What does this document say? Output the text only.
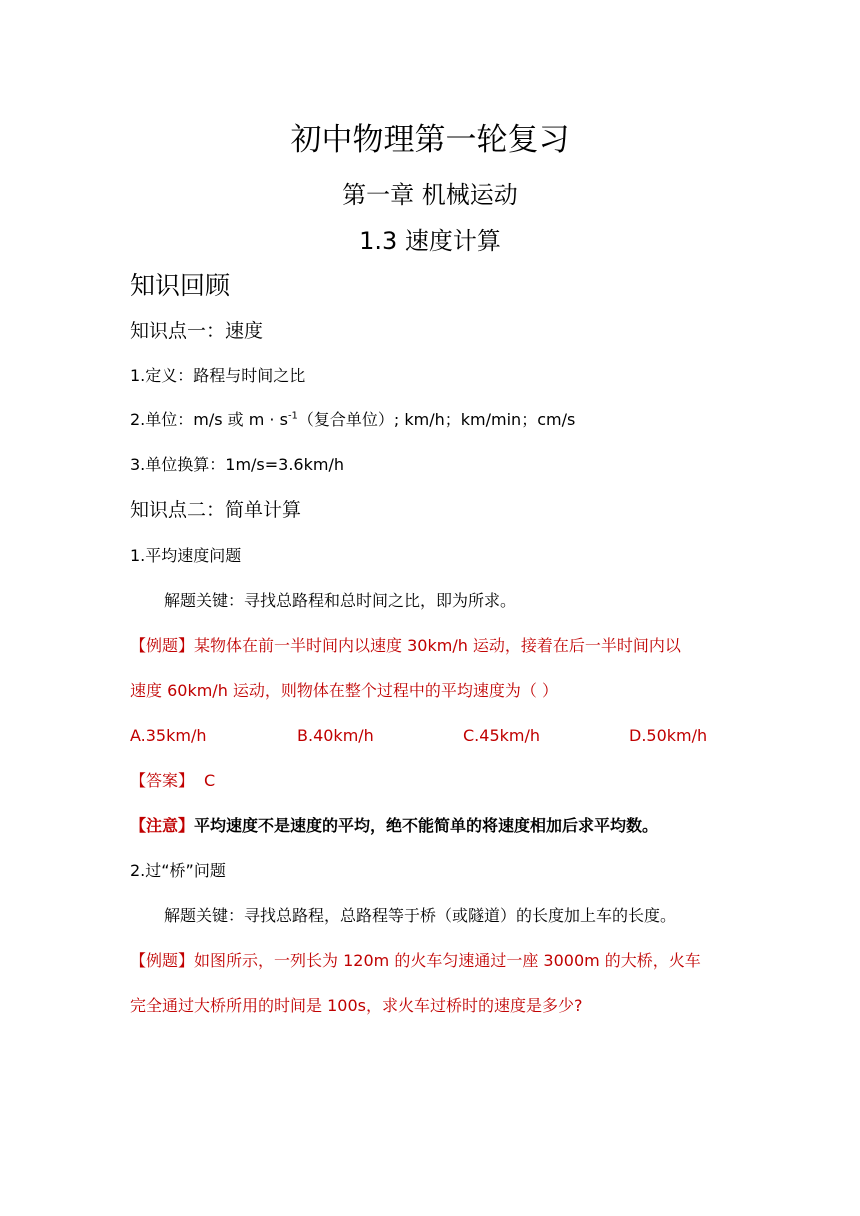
初中物理第一轮复习
第一章 机械运动
1.3 速度计算
知识回顾
知识点一：速度
1.定义：路程与时间之比
2.单位：m/s 或 $m \cdot s^{-1}$（复合单位）; km/h；km/min；cm/s
3.单位换算：1m/s=3.6km/h
知识点二：简单计算
1.平均速度问题
解题关键：寻找总路程和总时间之比，即为所求。
【例题】某物体在前一半时间内以速度 30km/h 运动，接着在后一半时间内以
速度 60km/h 运动，则物体在整个过程中的平均速度为（ ）
A.35km/h	B.40km/h	C.45km/h	D.50km/h
【答案】 C
【注意】平均速度不是速度的平均，绝不能简单的将速度相加后求平均数。
2.过“桥”问题
解题关键：寻找总路程，总路程等于桥（或隧道）的长度加上车的长度。
【例题】如图所示，一列长为 120m 的火车匀速通过一座 3000m 的大桥，火车
完全通过大桥所用的时间是 100s，求火车过桥时的速度是多少?
